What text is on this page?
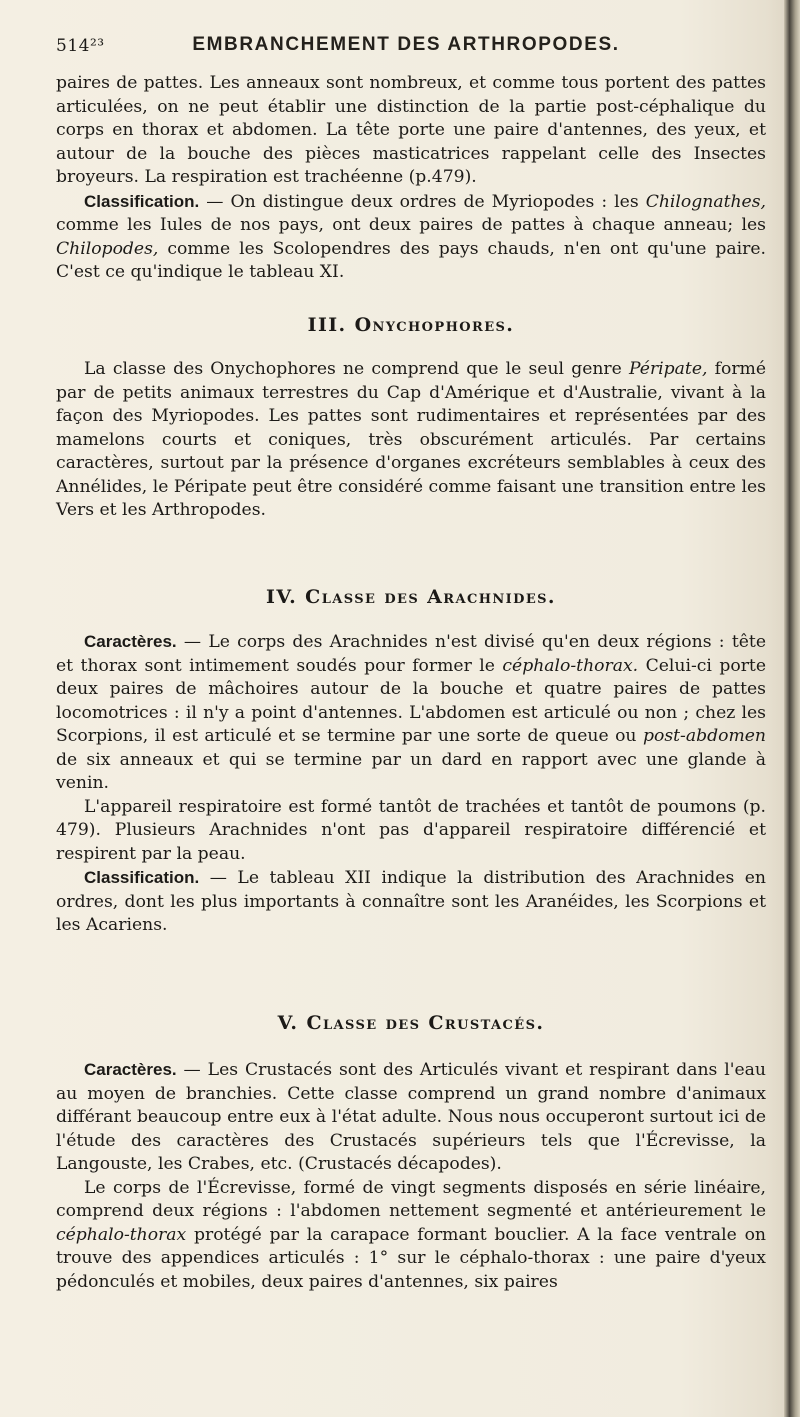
514²³	EMBRANCHEMENT DES ARTHROPODES.

paires de pattes. Les anneaux sont nombreux, et comme tous portent des pattes articulées, on ne peut établir une distinction de la partie post-céphalique du corps en thorax et abdomen. La tête porte une paire d'antennes, des yeux, et autour de la bouche des pièces masticatrices rappelant celle des Insectes broyeurs. La respiration est trachéenne (p.479).

Classification. — On distingue deux ordres de Myriopodes : les Chilognathes, comme les Iules de nos pays, ont deux paires de pattes à chaque anneau; les Chilopodes, comme les Scolopendres des pays chauds, n'en ont qu'une paire. C'est ce qu'indique le tableau XI.

III. Onychophores.

La classe des Onychophores ne comprend que le seul genre Péripate, formé par de petits animaux terrestres du Cap d'Amérique et d'Australie, vivant à la façon des Myriopodes. Les pattes sont rudimentaires et représentées par des mamelons courts et coniques, très obscurément articulés. Par certains caractères, surtout par la présence d'organes excréteurs semblables à ceux des Annélides, le Péripate peut être considéré comme faisant une transition entre les Vers et les Arthropodes.

IV. Classe des Arachnides.

Caractères. — Le corps des Arachnides n'est divisé qu'en deux régions : tête et thorax sont intimement soudés pour former le céphalo-thorax. Celui-ci porte deux paires de mâchoires autour de la bouche et quatre paires de pattes locomotrices : il n'y a point d'antennes. L'abdomen est articulé ou non ; chez les Scorpions, il est articulé et se termine par une sorte de queue ou post-abdomen de six anneaux et qui se termine par un dard en rapport avec une glande à venin.

L'appareil respiratoire est formé tantôt de trachées et tantôt de poumons (p. 479). Plusieurs Arachnides n'ont pas d'appareil respiratoire différencié et respirent par la peau.

Classification. — Le tableau XII indique la distribution des Arachnides en ordres, dont les plus importants à connaître sont les Aranéides, les Scorpions et les Acariens.

V. Classe des Crustacés.

Caractères. — Les Crustacés sont des Articulés vivant et respirant dans l'eau au moyen de branchies. Cette classe comprend un grand nombre d'animaux différant beaucoup entre eux à l'état adulte. Nous nous occuperont surtout ici de l'étude des caractères des Crustacés supérieurs tels que l'Écrevisse, la Langouste, les Crabes, etc. (Crustacés décapodes).

Le corps de l'Écrevisse, formé de vingt segments disposés en série linéaire, comprend deux régions : l'abdomen nettement segmenté et antérieurement le céphalo-thorax protégé par la carapace formant bouclier. A la face ventrale on trouve des appendices articulés : 1° sur le céphalo-thorax : une paire d'yeux pédonculés et mobiles, deux paires d'antennes, six paires
